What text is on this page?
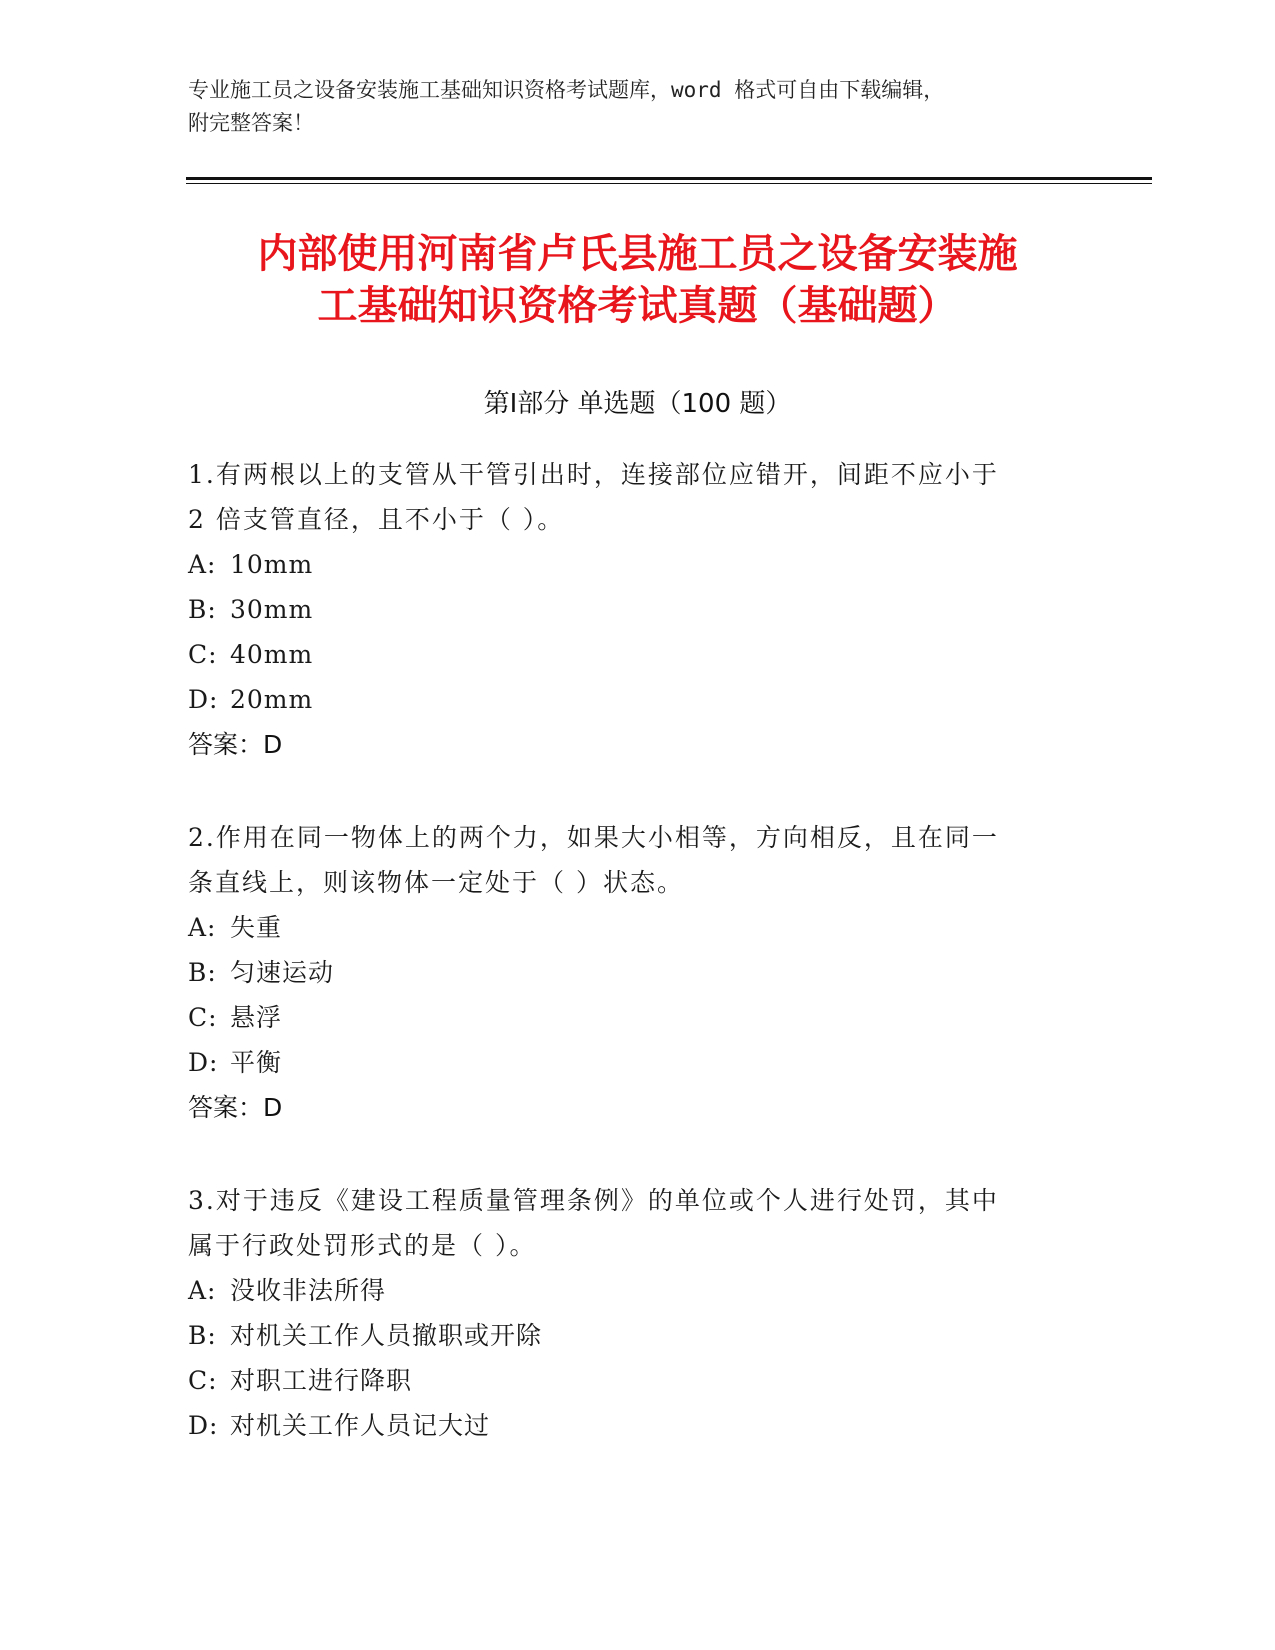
专业施工员之设备安装施工基础知识资格考试题库，word 格式可自由下载编辑，
附完整答案！
内部使用河南省卢氏县施工员之设备安装施
工基础知识资格考试真题（基础题）
第Ⅰ部分 单选题（100 题）

1.有两根以上的支管从干管引出时，连接部位应错开，间距不应小于

2 倍支管直径，且不小于（ ）。

A: 10mm

B: 30mm

C: 40mm

D: 20mm

答案：D

2.作用在同一物体上的两个力，如果大小相等，方向相反，且在同一

条直线上，则该物体一定处于（ ）状态。

A: 失重

B: 匀速运动

C: 悬浮

D: 平衡

答案：D

3.对于违反《建设工程质量管理条例》的单位或个人进行处罚，其中

属于行政处罚形式的是（ ）。

A: 没收非法所得

B: 对机关工作人员撤职或开除

C: 对职工进行降职

D: 对机关工作人员记大过
